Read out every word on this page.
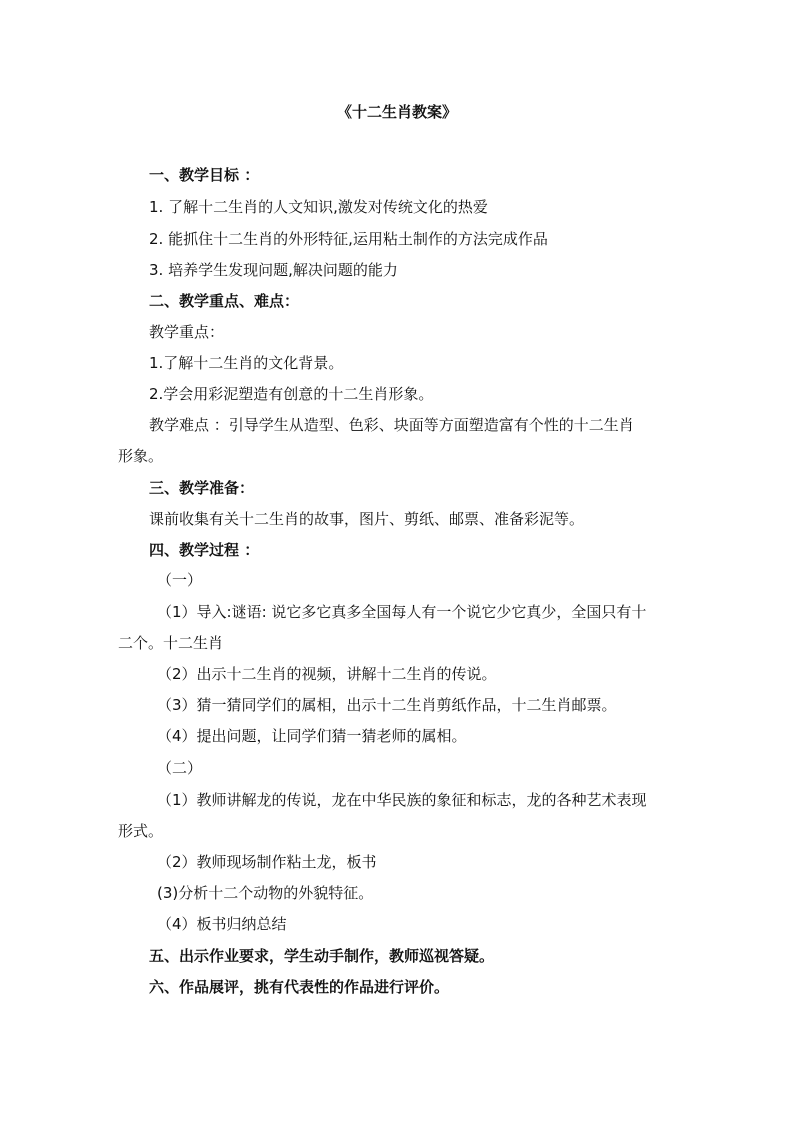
《十二生肖教案》
一、教学目标 ：
1. 了解十二生肖的人文知识,激发对传统文化的热爱
2. 能抓住十二生肖的外形特征,运用粘土制作的方法完成作品
3. 培养学生发现问题,解决问题的能力
二、教学重点、难点：
教学重点：
1.了解十二生肖的文化背景。
2.学会用彩泥塑造有创意的十二生肖形象。
教学难点 ：引导学生从造型、色彩、块面等方面塑造富有个性的十二生肖
形象。
三、教学准备：
课前收集有关十二生肖的故事，图片、剪纸、邮票、准备彩泥等。
四、教学过程 ：
（一）
（1）导入:谜语: 说它多它真多全国每人有一个说它少它真少，全国只有十
二个。十二生肖
（2）出示十二生肖的视频，讲解十二生肖的传说。
（3）猜一猜同学们的属相，出示十二生肖剪纸作品，十二生肖邮票。
（4）提出问题，让同学们猜一猜老师的属相。
（二）
（1）教师讲解龙的传说，龙在中华民族的象征和标志，龙的各种艺术表现
形式。
（2）教师现场制作粘土龙，板书
(3)分析十二个动物的外貌特征。
（4）板书归纳总结
五、出示作业要求，学生动手制作，教师巡视答疑。
六、作品展评，挑有代表性的作品进行评价。
